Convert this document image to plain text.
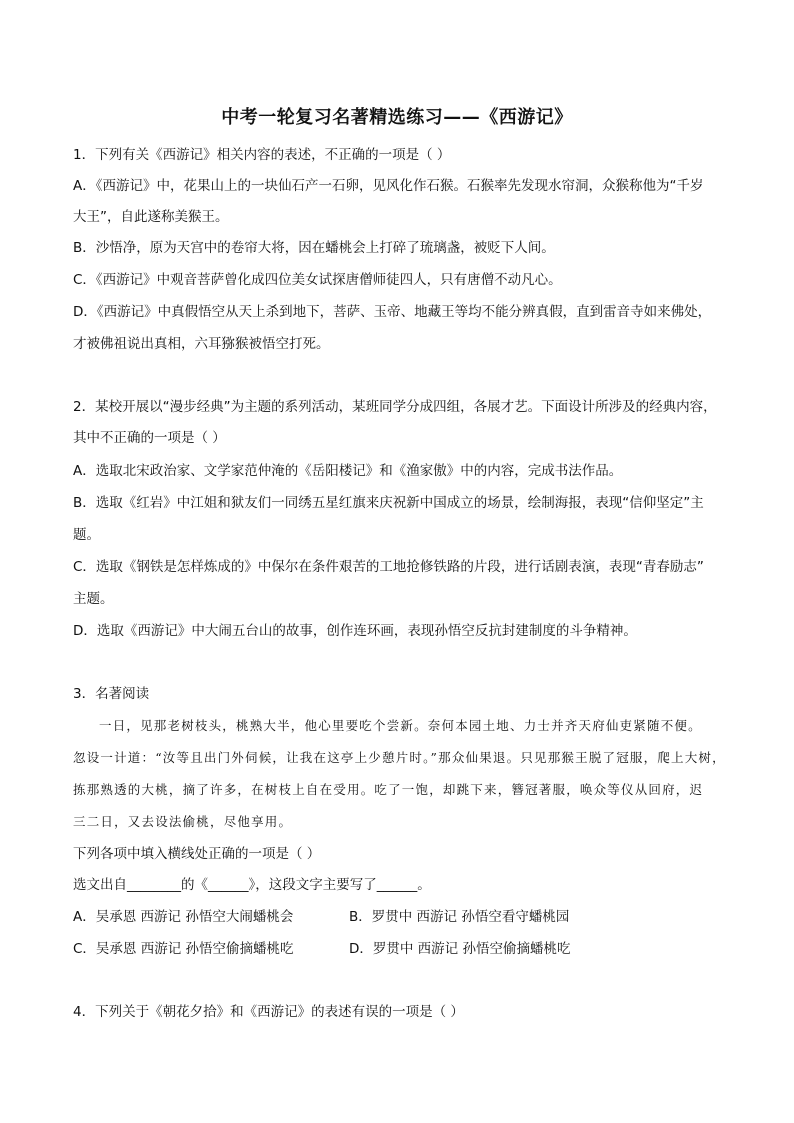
中考一轮复习名著精选练习——《西游记》
1．下列有关《西游记》相关内容的表述，不正确的一项是（ ）
A．《西游记》中，花果山上的一块仙石产一石卵，见风化作石猴。石猴率先发现水帘洞，众猴称他为“千岁
大王”，自此遂称美猴王。
B．沙悟净，原为天宫中的卷帘大将，因在蟠桃会上打碎了琉璃盏，被贬下人间。
C．《西游记》中观音菩萨曾化成四位美女试探唐僧师徒四人，只有唐僧不动凡心。
D．《西游记》中真假悟空从天上杀到地下，菩萨、玉帝、地藏王等均不能分辨真假，直到雷音寺如来佛处，
才被佛祖说出真相，六耳猕猴被悟空打死。
2．某校开展以“漫步经典”为主题的系列活动，某班同学分成四组，各展才艺。下面设计所涉及的经典内容，
其中不正确的一项是（ ）
A．选取北宋政治家、文学家范仲淹的《岳阳楼记》和《渔家傲》中的内容，完成书法作品。
B．选取《红岩》中江姐和狱友们一同绣五星红旗来庆祝新中国成立的场景，绘制海报，表现“信仰坚定”主
题。
C．选取《钢铁是怎样炼成的》中保尔在条件艰苦的工地抢修铁路的片段，进行话剧表演，表现“青春励志”
主题。
D．选取《西游记》中大闹五台山的故事，创作连环画，表现孙悟空反抗封建制度的斗争精神。
3．名著阅读
一日，见那老树枝头，桃熟大半，他心里要吃个尝新。奈何本园土地、力士并齐天府仙吏紧随不便。
忽设一计道：“汝等且出门外伺候，让我在这亭上少憩片时。”那众仙果退。只见那猴王脱了冠服，爬上大树，
拣那熟透的大桃，摘了许多，在树枝上自在受用。吃了一饱，却跳下来，簪冠著服，唤众等仪从回府，迟
三二日，又去设法偷桃，尽他享用。
下列各项中填入横线处正确的一项是（ ）
选文出自________的《______》，这段文字主要写了______。
A．吴承恩 西游记 孙悟空大闹蟠桃会	B．罗贯中 西游记 孙悟空看守蟠桃园
C．吴承恩 西游记 孙悟空偷摘蟠桃吃	D．罗贯中 西游记 孙悟空偷摘蟠桃吃
4．下列关于《朝花夕拾》和《西游记》的表述有误的一项是（ ）
